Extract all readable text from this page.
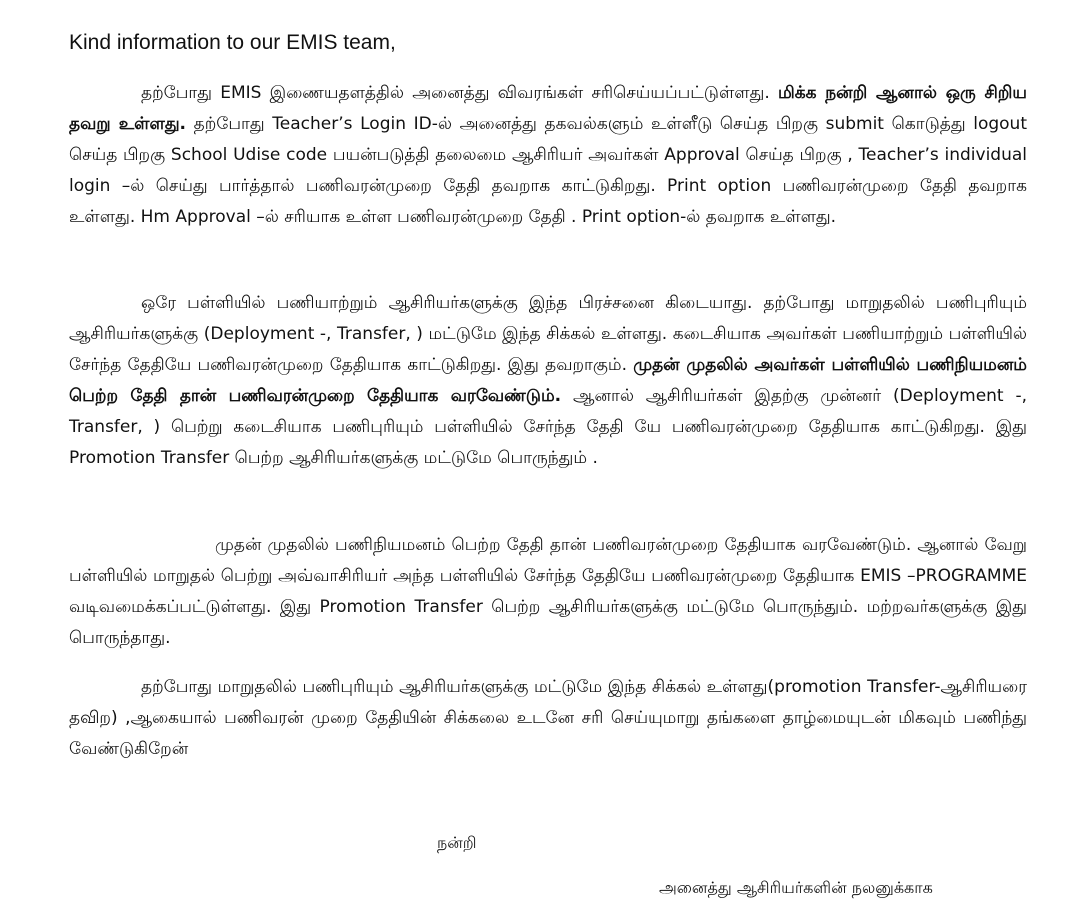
Kind information to our EMIS team,

தற்போது EMIS இணையதளத்தில் அனைத்து விவரங்கள் சரிசெய்யப்பட்டுள்ளது. மிக்க நன்றி ஆனால் ஒரு சிறிய தவறு உள்ளது. தற்போது Teacher’s Login ID-ல் அனைத்து தகவல்களும் உள்ளீடு செய்த பிறகு submit கொடுத்து logout செய்த பிறகு School Udise code பயன்படுத்தி தலைமை ஆசிரியர் அவர்கள் Approval செய்த பிறகு , Teacher’s individual login –ல் செய்து பார்த்தால் பணிவரன்முறை தேதி தவறாக காட்டுகிறது. Print option பணிவரன்முறை தேதி தவறாக உள்ளது. Hm Approval –ல் சரியாக உள்ள பணிவரன்முறை தேதி . Print option-ல் தவறாக உள்ளது.

ஒரே பள்ளியில் பணியாற்றும் ஆசிரியர்களுக்கு இந்த பிரச்சனை கிடையாது. தற்போது மாறுதலில் பணிபுரியும் ஆசிரியர்களுக்கு (Deployment -, Transfer, ) மட்டுமே இந்த சிக்கல் உள்ளது. கடைசியாக அவர்கள் பணியாற்றும் பள்ளியில் சேர்ந்த தேதியே பணிவரன்முறை தேதியாக காட்டுகிறது. இது தவறாகும். முதன் முதலில் அவர்கள் பள்ளியில் பணிநியமனம் பெற்ற தேதி தான் பணிவரன்முறை தேதியாக வரவேண்டும். ஆனால் ஆசிரியர்கள் இதற்கு முன்னர் (Deployment -, Transfer, ) பெற்று கடைசியாக பணிபுரியும் பள்ளியில் சேர்ந்த தேதி யே பணிவரன்முறை தேதியாக காட்டுகிறது. இது Promotion Transfer பெற்ற ஆசிரியர்களுக்கு மட்டுமே பொருந்தும் .

முதன் முதலில் பணிநியமனம் பெற்ற தேதி தான் பணிவரன்முறை தேதியாக வரவேண்டும். ஆனால் வேறு பள்ளியில் மாறுதல் பெற்று அவ்வாசிரியர் அந்த பள்ளியில் சேர்ந்த தேதியே பணிவரன்முறை தேதியாக EMIS –PROGRAMME வடிவமைக்கப்பட்டுள்ளது. இது Promotion Transfer பெற்ற ஆசிரியர்களுக்கு மட்டுமே பொருந்தும். மற்றவர்களுக்கு இது பொருந்தாது.

தற்போது மாறுதலில் பணிபுரியும் ஆசிரியர்களுக்கு மட்டுமே இந்த சிக்கல் உள்ளது(promotion Transfer-ஆசிரியரை தவிற) ,ஆகையால் பணிவரன் முறை தேதியின் சிக்கலை உடனே சரி செய்யுமாறு தங்களை தாழ்மையுடன் மிகவும் பணிந்து வேண்டுகிறேன்

நன்றி
அனைத்து ஆசிரியர்களின் நலனுக்காக
